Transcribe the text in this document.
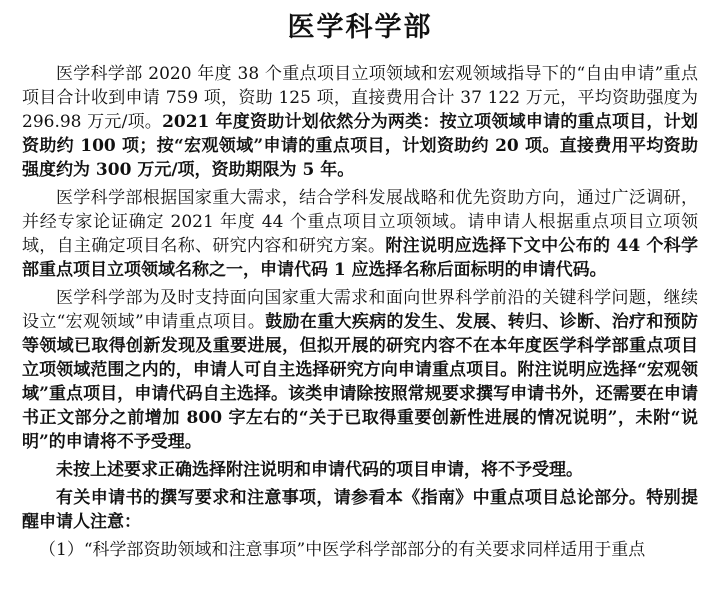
医学科学部

医学科学部 2020 年度 38 个重点项目立项领域和宏观领域指导下的“自由申请”重点项目合计收到申请 759 项，资助 125 项，直接费用合计 37 122 万元，平均资助强度为 296.98 万元/项。2021 年度资助计划依然分为两类：按立项领域申请的重点项目，计划资助约 100 项；按“宏观领域”申请的重点项目，计划资助约 20 项。直接费用平均资助强度约为 300 万元/项，资助期限为 5 年。

医学科学部根据国家重大需求，结合学科发展战略和优先资助方向，通过广泛调研，并经专家论证确定 2021 年度 44 个重点项目立项领域。请申请人根据重点项目立项领域，自主确定项目名称、研究内容和研究方案。附注说明应选择下文中公布的 44 个科学部重点项目立项领域名称之一，申请代码 1 应选择名称后面标明的申请代码。

医学科学部为及时支持面向国家重大需求和面向世界科学前沿的关键科学问题，继续设立“宏观领域”申请重点项目。鼓励在重大疾病的发生、发展、转归、诊断、治疗和预防等领域已取得创新发现及重要进展，但拟开展的研究内容不在本年度医学科学部重点项目立项领域范围之内的，申请人可自主选择研究方向申请重点项目。附注说明应选择“宏观领域”重点项目，申请代码自主选择。该类申请除按照常规要求撰写申请书外，还需要在申请书正文部分之前增加 800 字左右的“关于已取得重要创新性进展的情况说明”，未附“说明”的申请将不予受理。

未按上述要求正确选择附注说明和申请代码的项目申请，将不予受理。

有关申请书的撰写要求和注意事项，请参看本《指南》中重点项目总论部分。特别提醒申请人注意：

（1）“科学部资助领域和注意事项”中医学科学部部分的有关要求同样适用于重点
